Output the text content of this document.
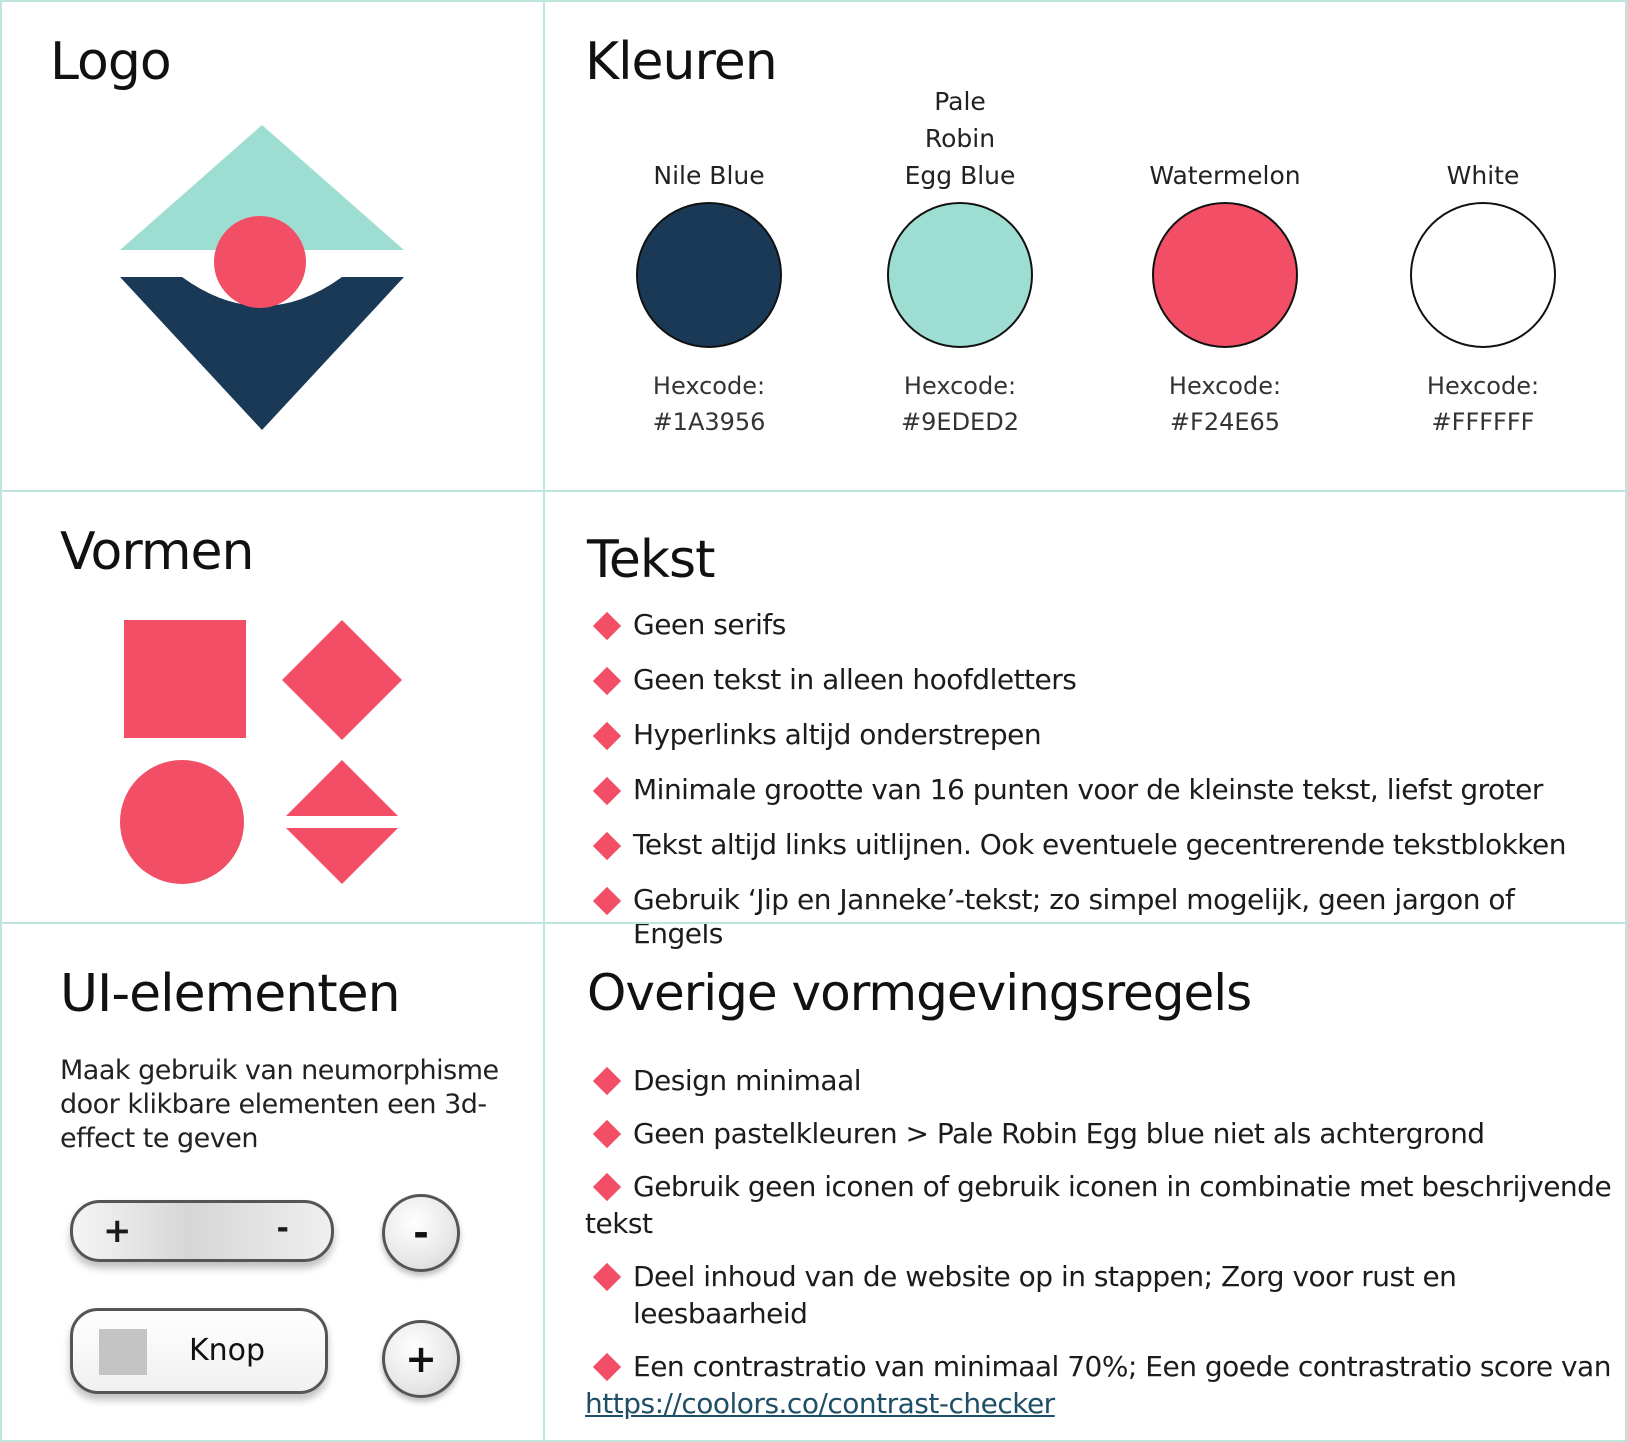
Logo	Kleuren
Nile Blue
Hexcode:
#1A3956
Pale Robin Egg Blue
Hexcode:
#9EDED2
Watermelon
Hexcode:
#F24E65
White
Hexcode:
#FFFFFF
Vormen	Tekst
Geen serifs
Geen tekst in alleen hoofdletters
Hyperlinks altijd onderstrepen
Minimale grootte van 16 punten voor de kleinste tekst, liefst groter
Tekst altijd links uitlijnen. Ook eventuele gecentrerende tekstblokken
Gebruik ‘Jip en Janneke’-tekst; zo simpel mogelijk, geen jargon of Engels
UI-elementen
Maak gebruik van neumorphisme door klikbare elementen een 3d-effect te geven
+	-	-
Knop	+
Overige vormgevingsregels
Design minimaal
Geen pastelkleuren > Pale Robin Egg blue niet als achtergrond
Gebruik geen iconen of gebruik iconen in combinatie met beschrijvende tekst
Deel inhoud van de website op in stappen; Zorg voor rust en leesbaarheid
Een contrastratio van minimaal 70%; Een goede contrastratio score van
https://coolors.co/contrast-checker
